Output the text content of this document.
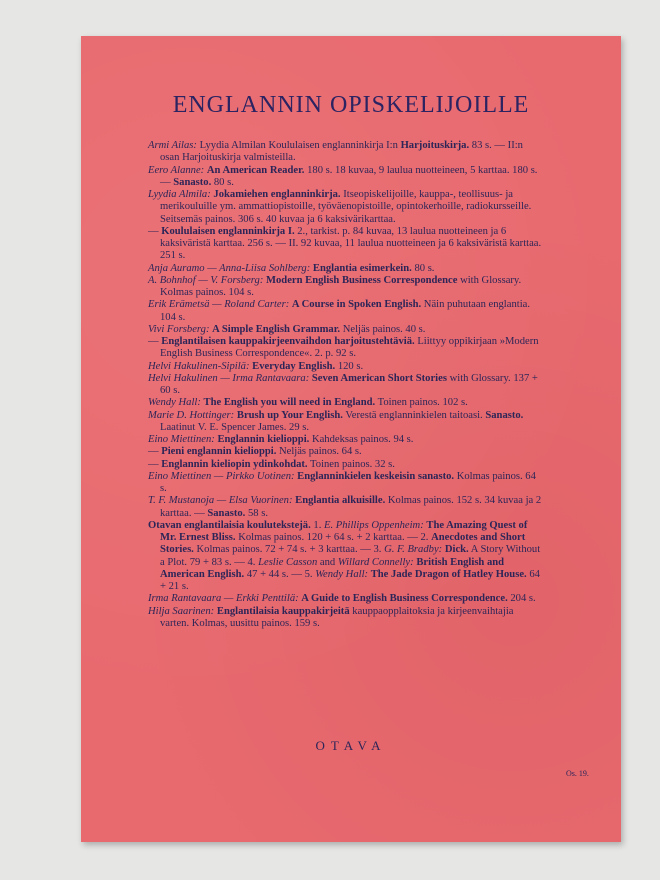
ENGLANNIN OPISKELIJOILLE
Armi Ailas: Lyydia Almilan Koululaisen englanninkirja I:n Harjoituskirja. 83 s. — II:n osan Harjoituskirja valmisteilla.
Eero Alanne: An American Reader. 180 s. 18 kuvaa, 9 laulua nuotteineen, 5 karttaa. 180 s. — Sanasto. 80 s.
Lyydia Almila: Jokamiehen englanninkirja. Itseopiskelijoille, kauppa-, teollisuus- ja merikouluille ym. ammattiopistoille, työväenopistoille, opintokerhoille, radiokursseille. Seitsemäs painos. 306 s. 40 kuvaa ja 6 kaksivärikarttaa.
— Koululaisen englanninkirja I. 2., tarkist. p. 84 kuvaa, 13 laulua nuotteineen ja 6 kaksiväristä karttaa. 256 s. — II. 92 kuvaa, 11 laulua nuotteineen ja 6 kaksiväristä karttaa. 251 s.
Anja Auramo — Anna-Liisa Sohlberg: Englantia esimerkein. 80 s.
A. Bohnhof — V. Forsberg: Modern English Business Correspondence with Glossary. Kolmas painos. 104 s.
Erik Erämetsä — Roland Carter: A Course in Spoken English. Näin puhutaan englantia. 104 s.
Vivi Forsberg: A Simple English Grammar. Neljäs painos. 40 s.
— Englantilaisen kauppakirjeenvaihdon harjoitustehtäviä. Liittyy oppikirjaan »Modern English Business Correspondence«. 2. p. 92 s.
Helvi Hakulinen-Sipilä: Everyday English. 120 s.
Helvi Hakulinen — Irma Rantavaara: Seven American Short Stories with Glossary. 137 + 60 s.
Wendy Hall: The English you will need in England. Toinen painos. 102 s.
Marie D. Hottinger: Brush up Your English. Verestä englanninkielen taitoasi. Sanasto. Laatinut V. E. Spencer James. 29 s.
Eino Miettinen: Englannin kielioppi. Kahdeksas painos. 94 s.
— Pieni englannin kielioppi. Neljäs painos. 64 s.
— Englannin kieliopin ydinkohdat. Toinen painos. 32 s.
Eino Miettinen — Pirkko Uotinen: Englanninkielen keskeisin sanasto. Kolmas painos. 64 s.
T. F. Mustanoja — Elsa Vuorinen: Englantia alkuisille. Kolmas painos. 152 s. 34 kuvaa ja 2 karttaa. — Sanasto. 58 s.
Otavan englantilaisia koulutekstejä. 1. E. Phillips Oppenheim: The Amazing Quest of Mr. Ernest Bliss. Kolmas painos. 120 + 64 s. + 2 karttaa. — 2. Anecdotes and Short Stories. Kolmas painos. 72 + 74 s. + 3 karttaa. — 3. G. F. Bradby: Dick. A Story Without a Plot. 79 + 83 s. — 4. Leslie Casson and Willard Connelly: British English and American English. 47 + 44 s. — 5. Wendy Hall: The Jade Dragon of Hatley House. 64 + 21 s.
Irma Rantavaara — Erkki Penttilä: A Guide to English Business Correspondence. 204 s.
Hilja Saarinen: Englantilaisia kauppakirjeitä kauppaopplaitoksia ja kirjeenvaihtajia varten. Kolmas, uusittu painos. 159 s.
OTAVA
Os. 19.
